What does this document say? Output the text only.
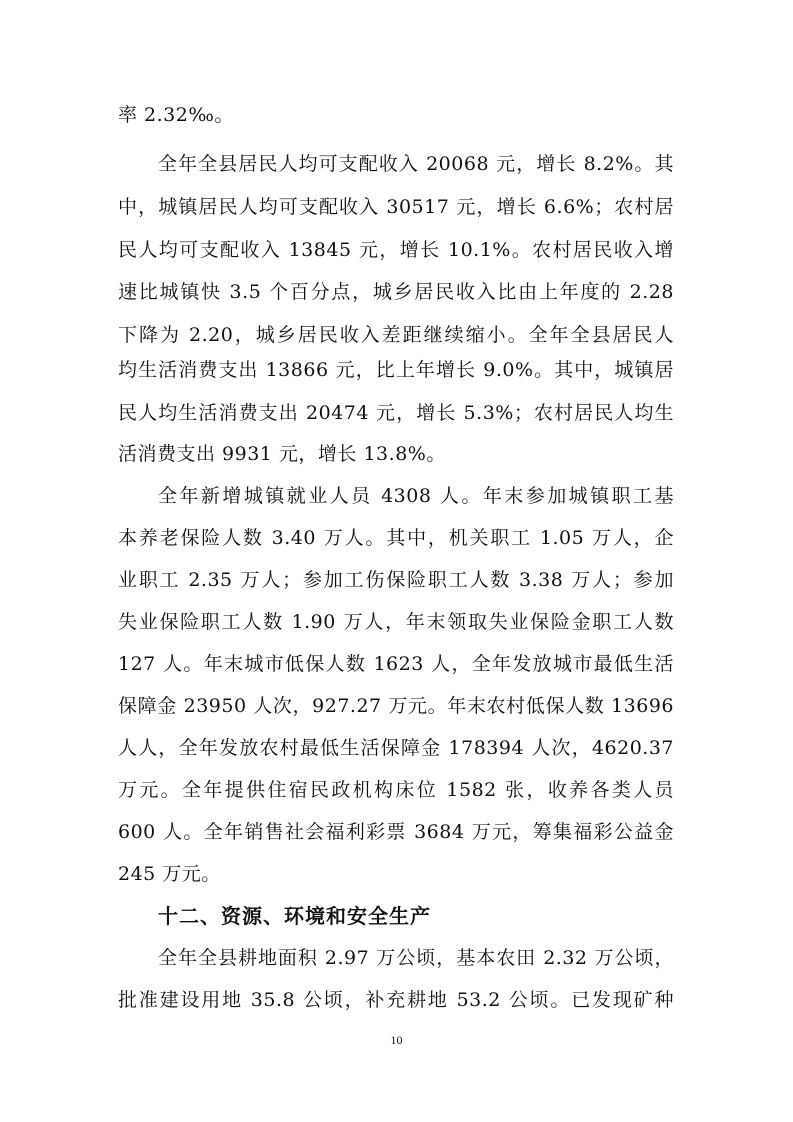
率 2.32‰。
全年全县居民人均可支配收入 20068 元，增长 8.2%。其
中，城镇居民人均可支配收入 30517 元，增长 6.6%；农村居
民人均可支配收入 13845 元，增长 10.1%。农村居民收入增
速比城镇快 3.5 个百分点，城乡居民收入比由上年度的 2.28
下降为 2.20，城乡居民收入差距继续缩小。全年全县居民人
均生活消费支出 13866 元，比上年增长 9.0%。其中，城镇居
民人均生活消费支出 20474 元，增长 5.3%；农村居民人均生
活消费支出 9931 元，增长 13.8%。
全年新增城镇就业人员 4308 人。年末参加城镇职工基
本养老保险人数 3.40 万人。其中，机关职工 1.05 万人，企
业职工 2.35 万人；参加工伤保险职工人数 3.38 万人；参加
失业保险职工人数 1.90 万人，年末领取失业保险金职工人数
127 人。年末城市低保人数 1623 人，全年发放城市最低生活
保障金 23950 人次，927.27 万元。年末农村低保人数 13696
人人，全年发放农村最低生活保障金 178394 人次，4620.37
万元。全年提供住宿民政机构床位 1582 张，收养各类人员
600 人。全年销售社会福利彩票 3684 万元，筹集福彩公益金
245 万元。
十二、资源、环境和安全生产
全年全县耕地面积 2.97 万公顷，基本农田 2.32 万公顷，
批准建设用地 35.8 公顷，补充耕地 53.2 公顷。已发现矿种
10
